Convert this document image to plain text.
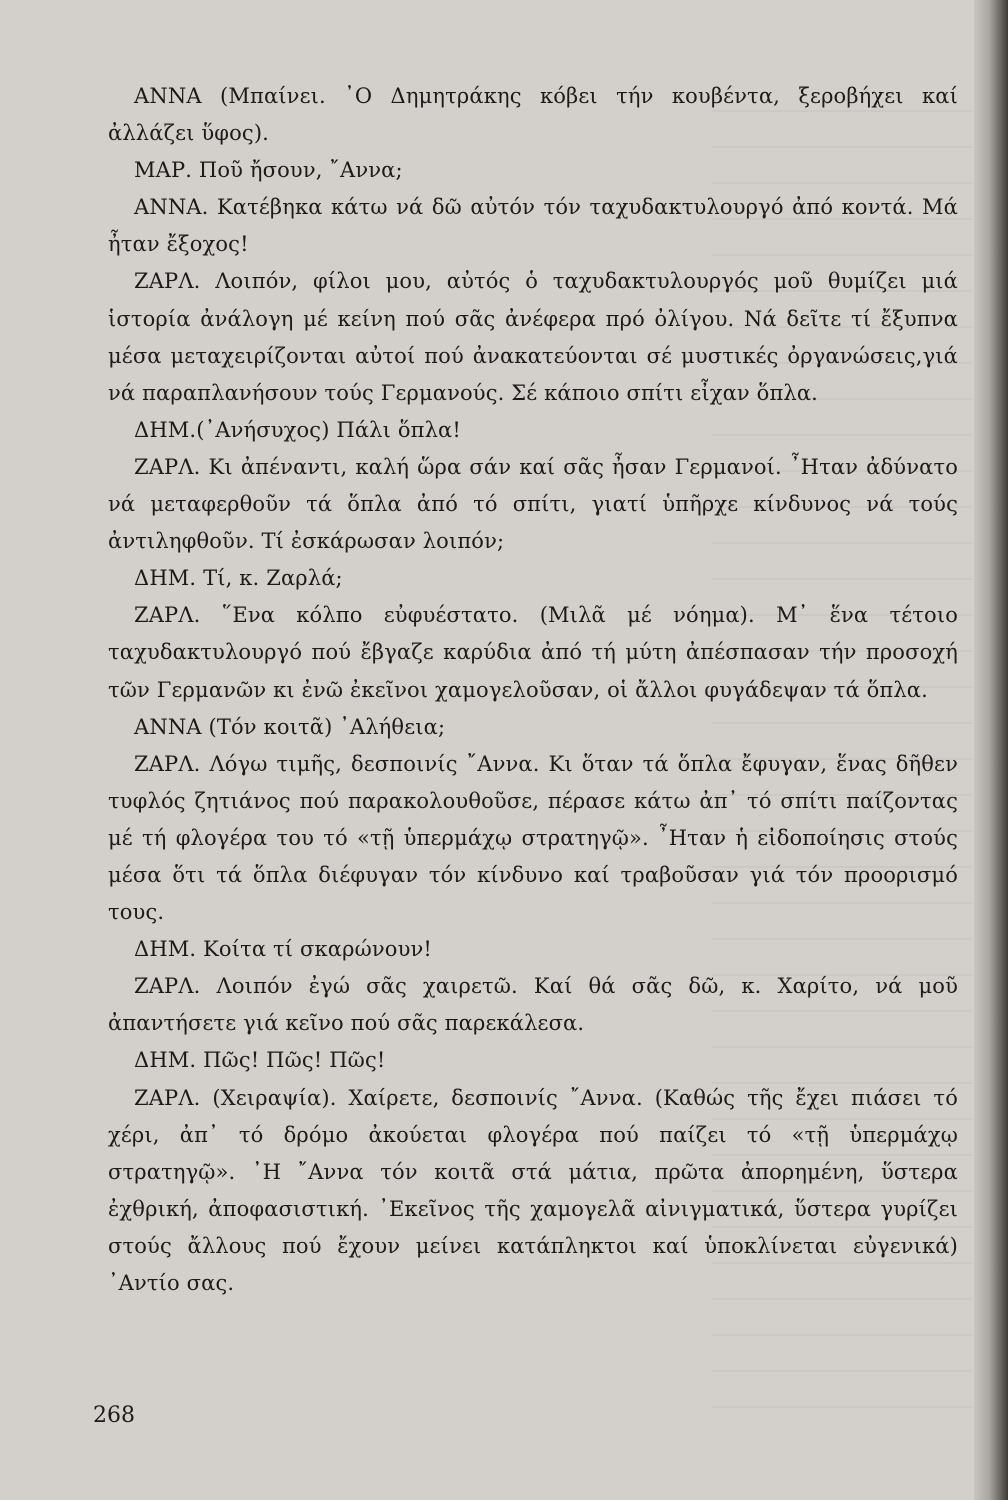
ΑΝΝΑ (Μπαίνει. ᾽Ο Δημητράκης κόβει τήν κουβέντα, ξεροβήχει καί ἀλλάζει ὕφος).

ΜΑΡ. Ποῦ ἤσουν, ῎Αννα;

ΑΝΝΑ. Κατέβηκα κάτω νά δῶ αὐτόν τόν ταχυδακτυλουργό ἀπό κοντά. Μά ἦταν ἔξοχος!

ΖΑΡΛ. Λοιπόν, φίλοι μου, αὐτός ὁ ταχυδακτυλουργός μοῦ θυμίζει μιά ἱστορία ἀνάλογη μέ κείνη πού σᾶς ἀνέφερα πρό ὀλίγου. Νά δεῖτε τί ἔξυπνα μέσα μεταχειρίζονται αὐτοί πού ἀνακατεύονται σέ μυστικές ὀργανώσεις,γιά νά παραπλανήσουν τούς Γερμανούς. Σέ κάποιο σπίτι εἶχαν ὅπλα.

ΔΗΜ.(᾽Ανήσυχος) Πάλι ὅπλα!

ΖΑΡΛ. Κι ἀπέναντι, καλή ὥρα σάν καί σᾶς ἦσαν Γερμανοί. ῏Ηταν ἀδύνατο νά μεταφερθοῦν τά ὅπλα ἀπό τό σπίτι, γιατί ὑπῆρχε κίνδυνος νά τούς ἀντιληφθοῦν. Τί ἐσκάρωσαν λοιπόν;

ΔΗΜ. Τί, κ. Ζαρλά;

ΖΑΡΛ. ῞Ενα κόλπο εὐφυέστατο. (Μιλᾶ μέ νόημα). Μ᾽ ἕνα τέτοιο ταχυδακτυλουργό πού ἔβγαζε καρύδια ἀπό τή μύτη ἀπέσπασαν τήν προσοχή τῶν Γερμανῶν κι ἐνῶ ἐκεῖνοι χαμογελοῦσαν, οἱ ἄλλοι φυγάδεψαν τά ὅπλα.

ΑΝΝΑ (Τόν κοιτᾶ) ᾽Αλήθεια;

ΖΑΡΛ. Λόγω τιμῆς, δεσποινίς ῎Αννα. Κι ὅταν τά ὅπλα ἔφυγαν, ἕνας δῆθεν τυφλός ζητιάνος πού παρακολουθοῦσε, πέρασε κάτω ἀπ᾽ τό σπίτι παίζοντας μέ τή φλογέρα του τό «τῇ ὑπερμάχῳ στρατηγῷ». ῏Ηταν ἡ εἰδοποίησις στούς μέσα ὅτι τά ὅπλα διέφυγαν τόν κίνδυνο καί τραβοῦσαν γιά τόν προορισμό τους.

ΔΗΜ. Κοίτα τί σκαρώνουν!

ΖΑΡΛ. Λοιπόν ἐγώ σᾶς χαιρετῶ. Καί θά σᾶς δῶ, κ. Χαρίτο, νά μοῦ ἀπαντήσετε γιά κεῖνο πού σᾶς παρεκάλεσα.

ΔΗΜ. Πῶς! Πῶς! Πῶς!

ΖΑΡΛ. (Χειραψία). Χαίρετε, δεσποινίς ῎Αννα. (Καθώς τῆς ἔχει πιάσει τό χέρι, ἀπ᾽ τό δρόμο ἀκούεται φλογέρα πού παίζει τό «τῇ ὑπερμάχῳ στρατηγῷ». ᾽Η ῎Αννα τόν κοιτᾶ στά μάτια, πρῶτα ἀπορημένη, ὕστερα ἐχθρική, ἀποφασιστική. ᾽Εκεῖνος τῆς χαμογελᾶ αἰνιγματικά, ὕστερα γυρίζει στούς ἄλλους πού ἔχουν μείνει κατάπληκτοι καί ὑποκλίνεται εὐγενικά) ᾽Αντίο σας.

268
